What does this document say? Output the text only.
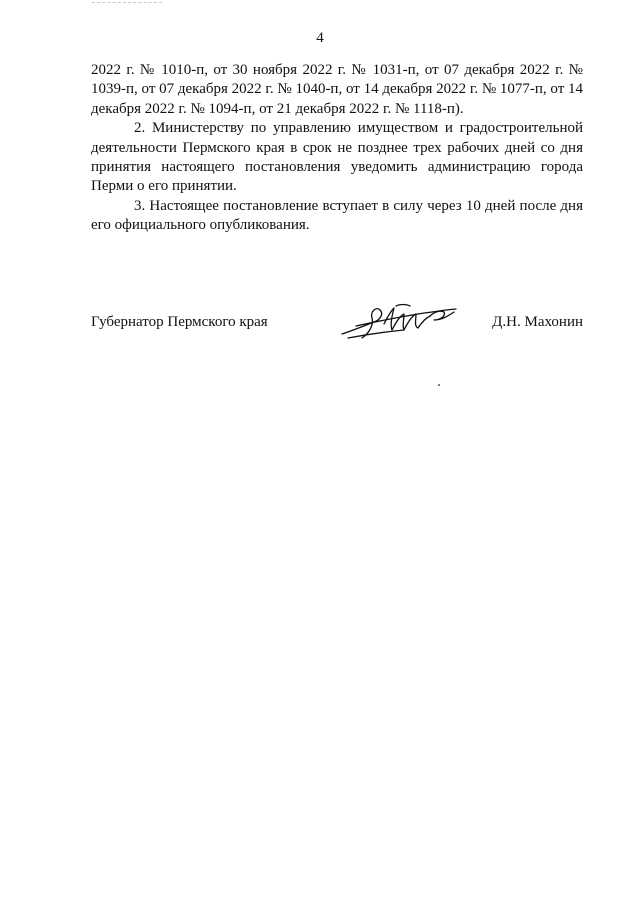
4

2022 г. № 1010-п, от 30 ноября 2022 г. № 1031-п, от 07 декабря 2022 г. № 1039-п, от 07 декабря 2022 г. № 1040-п, от 14 декабря 2022 г. № 1077-п, от 14 декабря 2022 г. № 1094-п, от 21 декабря 2022 г. № 1118-п).

2. Министерству по управлению имуществом и градостроительной деятельности Пермского края в срок не позднее трех рабочих дней со дня принятия настоящего постановления уведомить администрацию города Перми о его принятии.

3. Настоящее постановление вступает в силу через 10 дней после дня его официального опубликования.

Губернатор Пермского края	Д.Н. Махонин
